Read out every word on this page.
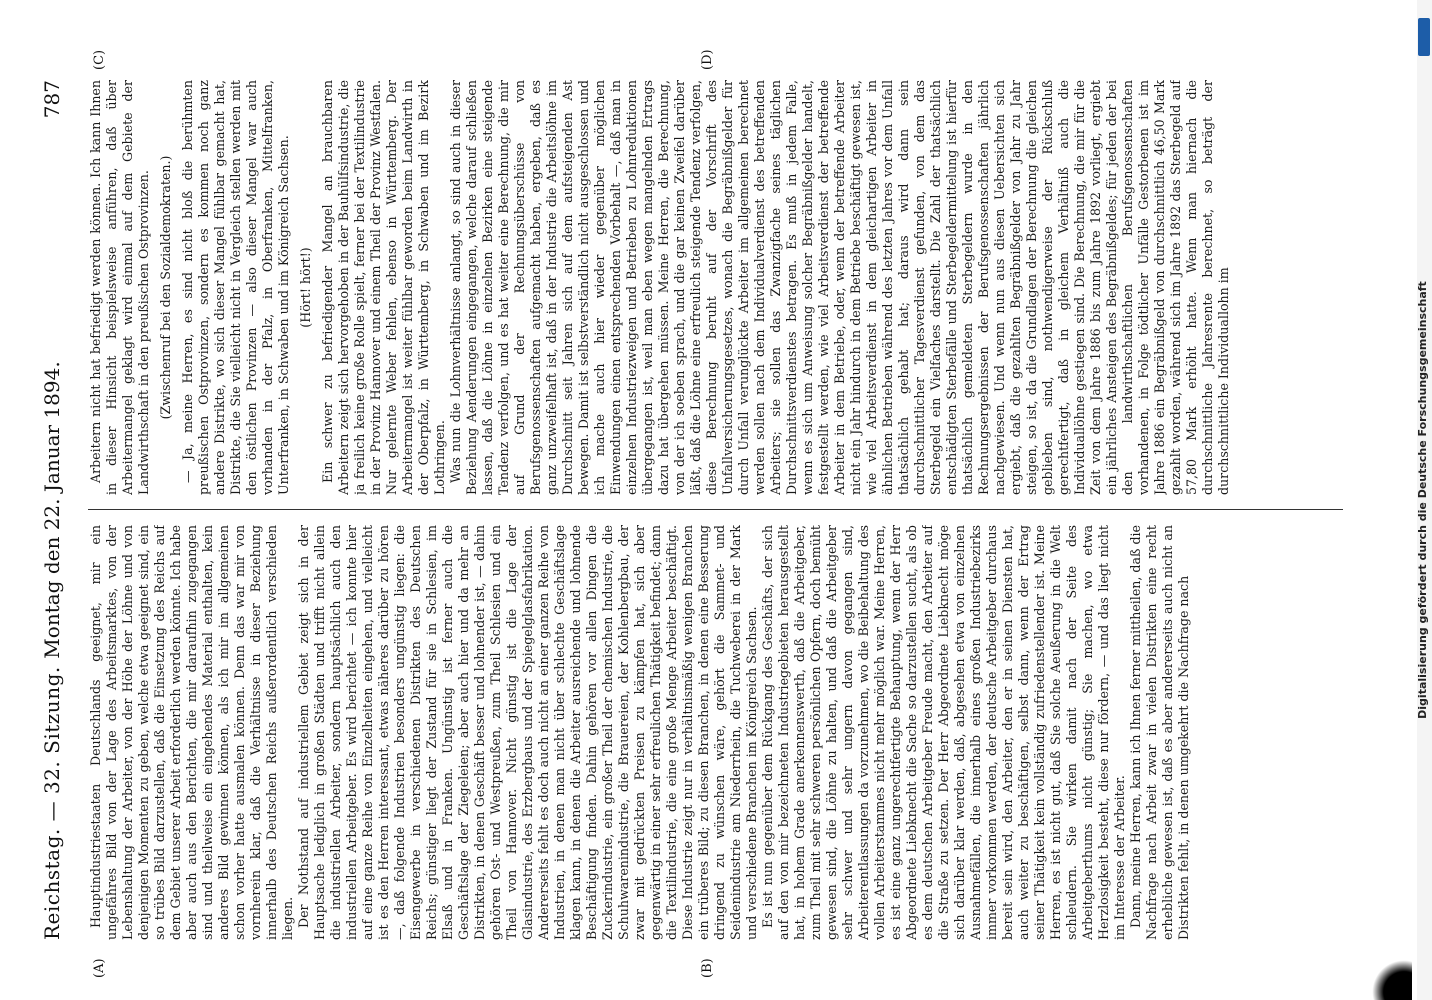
Reichstag. — 32. Sitzung.
Montag den 22. Januar 1894.
787
(A)	(B)
(C)	(D)

Hauptindustriestaaten Deutschlands geeignet, mir ein ungefähres Bild von der Lage des Arbeitsmarktes, von der Lebenshaltung der Arbeiter, von der Höhe der Löhne und von denjenigen Momenten zu geben, welche etwa geeignet sind, ein so trübes Bild darzustellen, daß die Einsetzung des Reichs auf dem Gebiet unserer Arbeit erforderlich werden könnte. Ich habe aber auch aus den Berichten, die mir daraufhin zugegangen sind und theilweise ein eingehendes Material enthalten, kein anderes Bild gewinnen können, als ich mir im allgemeinen schon vorher hatte ausmalen können. Denn das war mir von vornherein klar, daß die Verhältnisse in dieser Beziehung innerhalb des Deutschen Reichs außerordentlich verschieden liegen. Der Nothstand auf industriellem Gebiet zeigt sich in der Hauptsache lediglich in großen Städten und trifft nicht allein die industriellen Arbeiter, sondern hauptsächlich auch den industriellen Arbeitgeber. Es wird berichtet — ich konnte hier auf eine ganze Reihe von Einzelheiten eingehen, und vielleicht ist es den Herren interessant, etwas näheres darüber zu hören —, daß folgende Industrien besonders ungünstig liegen: die Eisengewerbe in verschiedenen Distrikten des Deutschen Reichs; günstiger liegt der Zustand für sie in Schlesien, im Elsaß und in Franken. Ungünstig ist ferner auch die Geschäftslage der Ziegeleien; aber auch hier und da mehr an Distrikten, in denen Geschäft besser und lohnender ist, — dahin gehören Ost- und Westpreußen, zum Theil Schlesien und ein Theil von Hannover. Nicht günstig ist die Lage der Glasindustrie, des Erzbergbaus und der Spiegelglasfabrikation. Andererseits fehlt es doch auch nicht an einer ganzen Reihe von Industrien, in denen man nicht über schlechte Geschäftslage klagen kann, in denen die Arbeiter ausreichende und lohnende Beschäftigung finden. Dahin gehören vor allen Dingen die Zuckerindustrie, ein großer Theil der chemischen Industrie, die Schuhwarenindustrie, die Brauereien, der Kohlenbergbau, der zwar mit gedrückten Preisen zu kämpfen hat, sich aber gegenwärtig in einer sehr erfreulichen Thätigkeit befindet; dann die Textilindustrie, die eine große Menge Arbeiter beschäftigt. Diese Industrie zeigt nur in verhältnismäßig wenigen Branchen ein trüberes Bild; zu diesen Branchen, in denen eine Besserung dringend zu wünschen wäre, gehört die Sammet- und Seidenindustrie am Niederrhein, die Tuchweberei in der Mark und verschiedene Branchen im Königreich Sachsen. Es ist nun gegenüber dem Rückgang des Geschäfts, der sich auf den von mir bezeichneten Industriegebieten herausgestellt hat, in hohem Grade anerkennenswerth, daß die Arbeitgeber, zum Theil mit sehr schweren persönlichen Opfern, doch bemüht gewesen sind, die Löhne zu halten, und daß die Arbeitgeber sehr schwer und sehr ungern davon gegangen sind, Arbeiterentlassungen da vorzunehmen, wo die Beibehaltung des vollen Arbeiterstammes nicht mehr möglich war. Meine Herren, es ist eine ganz ungerechtfertigte Behauptung, wenn der Herr Abgeordnete Liebknecht die Sache so darzustellen sucht, als ob es dem deutschen Arbeitgeber Freude macht, den Arbeiter auf die Straße zu setzen. Der Herr Abgeordnete Liebknecht möge sich darüber klar werden, daß, abgesehen etwa von einzelnen Ausnahmefällen, die innerhalb eines großen Industriebezirks immer vorkommen werden, der deutsche Arbeitgeber durchaus bereit sein wird, den Arbeiter, den er in seinen Diensten hat, auch weiter zu beschäftigen, selbst dann, wenn der Ertrag seiner Thätigkeit kein vollständig zufriedenstellender ist. Meine Herren, es ist nicht gut, daß Sie solche Aeußerung in die Welt schleudern. Sie wirken damit nach der Seite des Arbeitgeberthums nicht günstig; Sie machen, wo etwa Herzlosigkeit besteht, diese nur fördern, — und das liegt nicht im Interesse der Arbeiter. Dann, meine Herren, kann ich Ihnen ferner mittheilen, daß die Nachfrage nach Arbeit zwar in vielen Distrikten eine recht erhebliche gewesen ist, daß es aber andererseits auch nicht an Distrikten fehlt, in denen umgekehrt die Nachfrage nach

Arbeitern nicht hat befriedigt werden können. Ich kann Ihnen in dieser Hinsicht beispielsweise anführen, daß über Arbeitermangel geklagt wird einmal auf dem Gebiete der Landwirthschaft in den preußischen Ostprovinzen. (Zwischenruf bei den Sozialdemokraten.) — Ja, meine Herren, es sind nicht bloß die berühmten preußischen Ostprovinzen, sondern es kommen noch ganz andere Distrikte, wo sich dieser Mangel fühlbar gemacht hat, Distrikte, die Sie vielleicht nicht in Vergleich stellen werden mit den östlichen Provinzen — also dieser Mangel war auch vorhanden in der Pfalz, in Oberfranken, Mittelfranken, Unterfranken, in Schwaben und im Königreich Sachsen. (Hört! hört!) Ein schwer zu befriedigender Mangel an brauchbaren Arbeitern zeigt sich hervorgehoben in der Bauhülfsindustrie, die ja freilich keine große Rolle spielt, ferner bei der Textilindustrie in der Provinz Hannover und einem Theil der Provinz Westfalen. Nur gelernte Weber fehlen, ebenso in Württemberg. Der Arbeitermangel ist weiter fühlbar geworden beim Landwirth in der Oberpfalz, in Württemberg, in Schwaben und im Bezirk Lothringen. Was nun die Lohnverhältnisse anlangt, so sind auch in dieser Beziehung Aenderungen eingegangen, welche darauf schließen lassen, daß die Löhne in einzelnen Bezirken eine steigende Tendenz verfolgen, und es hat weiter eine Berechnung, die mir auf Grund der Rechnungsüberschüsse von Berufsgenossenschaften aufgemacht haben, ergeben, daß es ganz unzweifelhaft ist, daß in der Industrie die Arbeitslöhne im Durchschnitt seit Jahren sich auf dem aufsteigenden Ast bewegen. Damit ist selbstverständlich nicht ausgeschlossen und ich mache auch hier wieder gegenüber möglichen Einwendungen einen entsprechenden Vorbehalt —, daß man in einzelnen Industriezweigen und Betrieben zu Lohnreduktionen übergegangen ist, weil man eben wegen mangelnden Ertrags dazu hat übergehen müssen. Meine Herren, die Berechnung, von der ich soeben sprach, und die gar keinen Zweifel darüber läßt, daß die Löhne eine erfreulich steigende Tendenz verfolgen, diese Berechnung beruht auf der Vorschrift des Unfallversicherungsgesetzes, wonach die Begräbnißgelder für durch Unfall verunglückte Arbeiter im allgemeinen berechnet werden sollen nach dem Individualverdienst des betreffenden Arbeiters; sie sollen das Zwanzigfache seines täglichen Durchschnittsverdienstes betragen. Es muß in jedem Falle, wenn es sich um Anweisung solcher Begräbnißgelder handelt, festgestellt werden, wie viel Arbeitsverdienst der betreffende Arbeiter in dem Betriebe, oder, wenn der betreffende Arbeiter nicht ein Jahr hindurch in dem Betriebe beschäftigt gewesen ist, wie viel Arbeitsverdienst in dem gleichartigen Arbeiter in ähnlichen Betrieben während des letzten Jahres vor dem Unfall thatsächlich gehabt hat; daraus wird dann sein durchschnittlicher Tagesverdienst gefunden, von dem das Sterbegeld ein Vielfaches darstellt. Die Zahl der thatsächlich entschädigten Sterbefälle und Sterbegeldermittelung ist hierfür thatsächlich gemeldeten Sterbegeldern wurde in den Rechnungsergebnissen der Berufsgenossenschaften jährlich nachgewiesen. Und wenn nun aus diesen Uebersichten sich ergiebt, daß die gezahlten Begräbnißgelder von Jahr zu Jahr steigen, so ist, da die Grundlagen der Berechnung die gleichen geblieben sind, nothwendigerweise der Rückschluß gerechtfertigt, daß in gleichem Verhältniß auch die Individuallöhne gestiegen sind. Die Berechnung, die mir für die Zeit von dem Jahre 1886 bis zum Jahre 1892 vorliegt, ergiebt ein jährliches Ansteigen des Begräbnißgeldes; für jeden der bei den landwirthschaftlichen Berufsgenossenschaften vorhandenen, in Folge tödtlicher Unfälle Gestorbenen ist im Jahre 1886 ein Begräbnißgeld von durchschnittlich 46,50 Mark gezahlt worden, während sich im Jahre 1892 das Sterbegeld auf 57,80 Mark erhöht hatte. Wenn man hiernach die durchschnittliche Jahresrente berechnet, so beträgt der durchschnittliche Individuallohn im	Digitalisierung gefördert durch die Deutsche Forschungsgemeinschaft
